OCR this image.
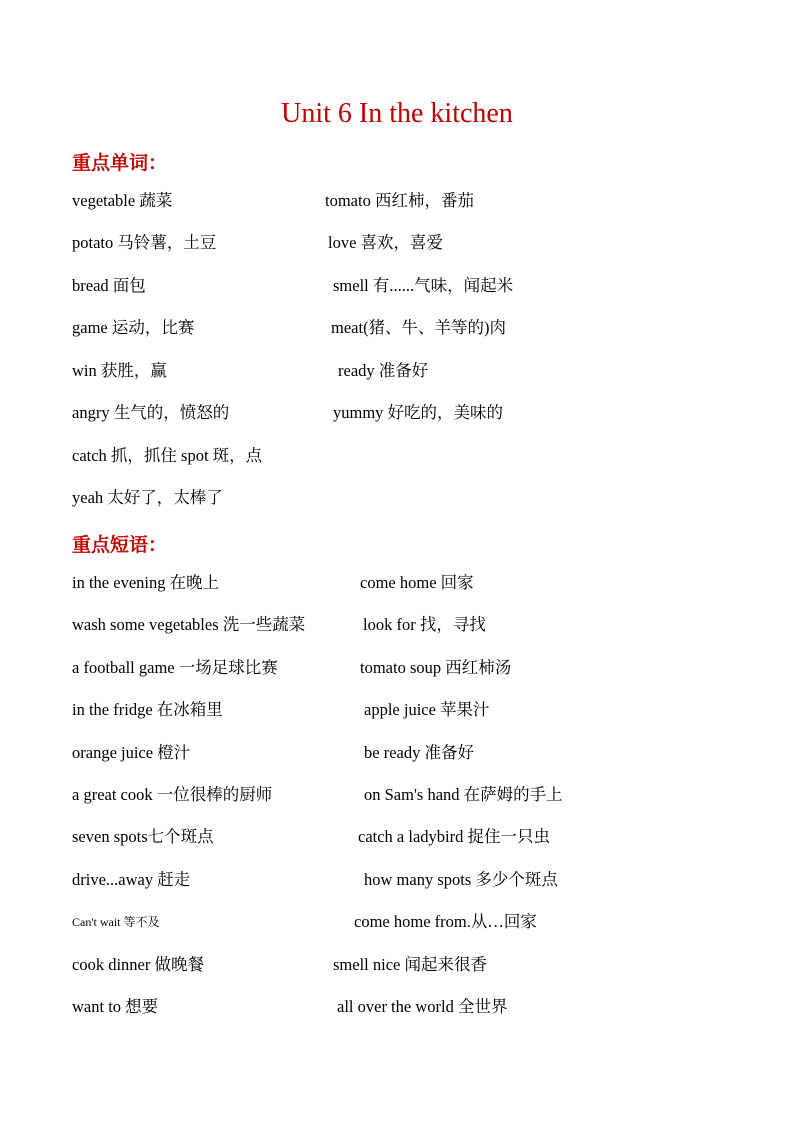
Unit 6 In the kitchen
重点单词：
vegetable 蔬菜	tomato 西红柿，番茄
potato 马铃薯，土豆	love 喜欢，喜爱
bread 面包	smell 有......气味，闻起米
game 运动，比赛	meat(猪、牛、羊等的)肉
win 获胜，赢	ready 准备好
angry 生气的，愤怒的	yummy 好吃的，美味的
catch 抓，抓住 spot 斑，点
yeah 太好了，太棒了
重点短语：
in the evening 在晚上	come home 回家
wash some vegetables 洗一些蔬菜	look for 找，寻找
a football game 一场足球比赛	tomato soup 西红柿汤
in the fridge 在冰箱里	apple juice 苹果汁
orange juice 橙汁	be ready 准备好
a great cook 一位很棒的厨师	on Sam's hand 在萨姆的手上
seven spots七个斑点	catch a ladybird 捉住一只虫
drive...away 赶走	how many spots 多少个斑点
Can't wait 等不及	come home from.从…回家
cook dinner 做晚餐	smell nice 闻起来很香
want to 想要	all over the world 全世界
